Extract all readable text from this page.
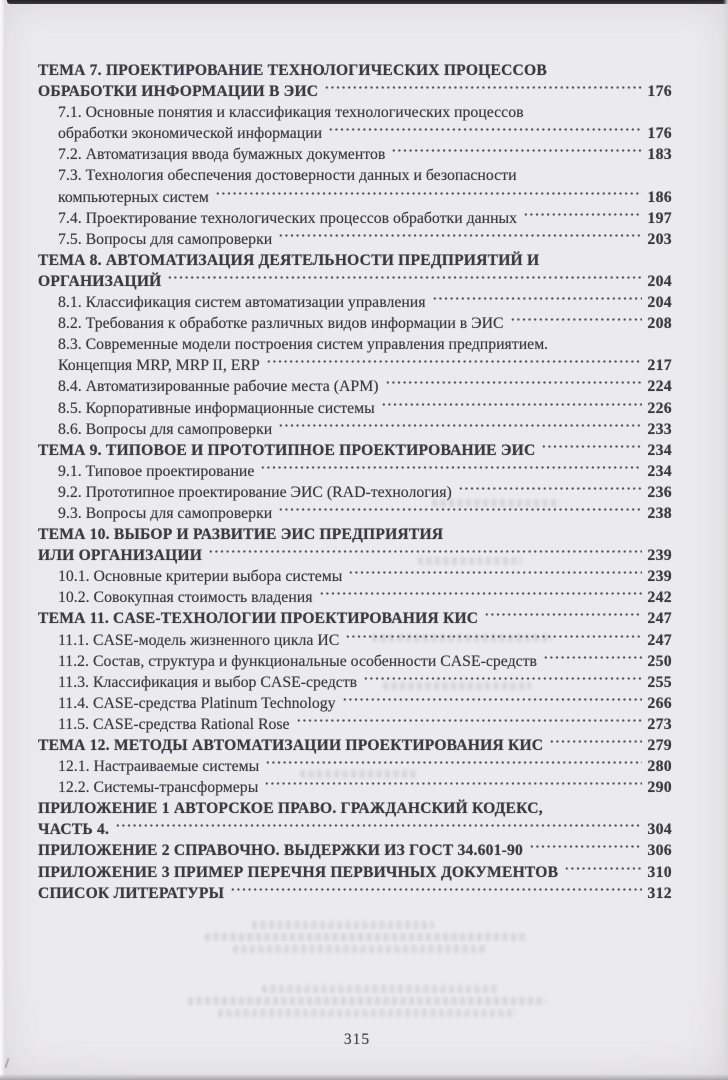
ТЕМА 7. ПРОЕКТИРОВАНИЕ ТЕХНОЛОГИЧЕСКИХ ПРОЦЕССОВ
ОБРАБОТКИ ИНФОРМАЦИИ В ЭИС	176
7.1. Основные понятия и классификация технологических процессов
обработки экономической информации	176
7.2. Автоматизация ввода бумажных документов	183
7.3. Технология обеспечения достоверности данных и безопасности
компьютерных систем	186
7.4. Проектирование технологических процессов обработки данных	197
7.5. Вопросы для самопроверки	203
ТЕМА 8. АВТОМАТИЗАЦИЯ ДЕЯТЕЛЬНОСТИ ПРЕДПРИЯТИЙ И
ОРГАНИЗАЦИЙ	204
8.1. Классификация систем автоматизации управления	204
8.2. Требования к обработке различных видов информации в ЭИС	208
8.3. Современные модели построения систем управления предприятием.
Концепция MRP, MRP II, ERP	217
8.4. Автоматизированные рабочие места (АРМ)	224
8.5. Корпоративные информационные системы	226
8.6. Вопросы для самопроверки	233
ТЕМА 9. ТИПОВОЕ И ПРОТОТИПНОЕ ПРОЕКТИРОВАНИЕ ЭИС	234
9.1. Типовое проектирование	234
9.2. Прототипное проектирование ЭИС (RAD-технология)	236
9.3. Вопросы для самопроверки	238
ТЕМА 10. ВЫБОР И РАЗВИТИЕ ЭИС ПРЕДПРИЯТИЯ
ИЛИ ОРГАНИЗАЦИИ	239
10.1. Основные критерии выбора системы	239
10.2. Совокупная стоимость владения	242
ТЕМА 11. CASE-ТЕХНОЛОГИИ ПРОЕКТИРОВАНИЯ КИС	247
11.1. CASE-модель жизненного цикла ИС	247
11.2. Состав, структура и функциональные особенности CASE-средств	250
11.3. Классификация и выбор CASE-средств	255
11.4. CASE-средства Platinum Technology	266
11.5. CASE-средства Rational Rose	273
ТЕМА 12. МЕТОДЫ АВТОМАТИЗАЦИИ ПРОЕКТИРОВАНИЯ КИС	279
12.1. Настраиваемые системы	280
12.2. Системы-трансформеры	290
ПРИЛОЖЕНИЕ 1 АВТОРСКОЕ ПРАВО. ГРАЖДАНСКИЙ КОДЕКС,
ЧАСТЬ 4.	304
ПРИЛОЖЕНИЕ 2 СПРАВОЧНО. ВЫДЕРЖКИ ИЗ ГОСТ 34.601-90	306
ПРИЛОЖЕНИЕ 3 ПРИМЕР ПЕРЕЧНЯ ПЕРВИЧНЫХ ДОКУМЕНТОВ	310
СПИСОК ЛИТЕРАТУРЫ	312
315
